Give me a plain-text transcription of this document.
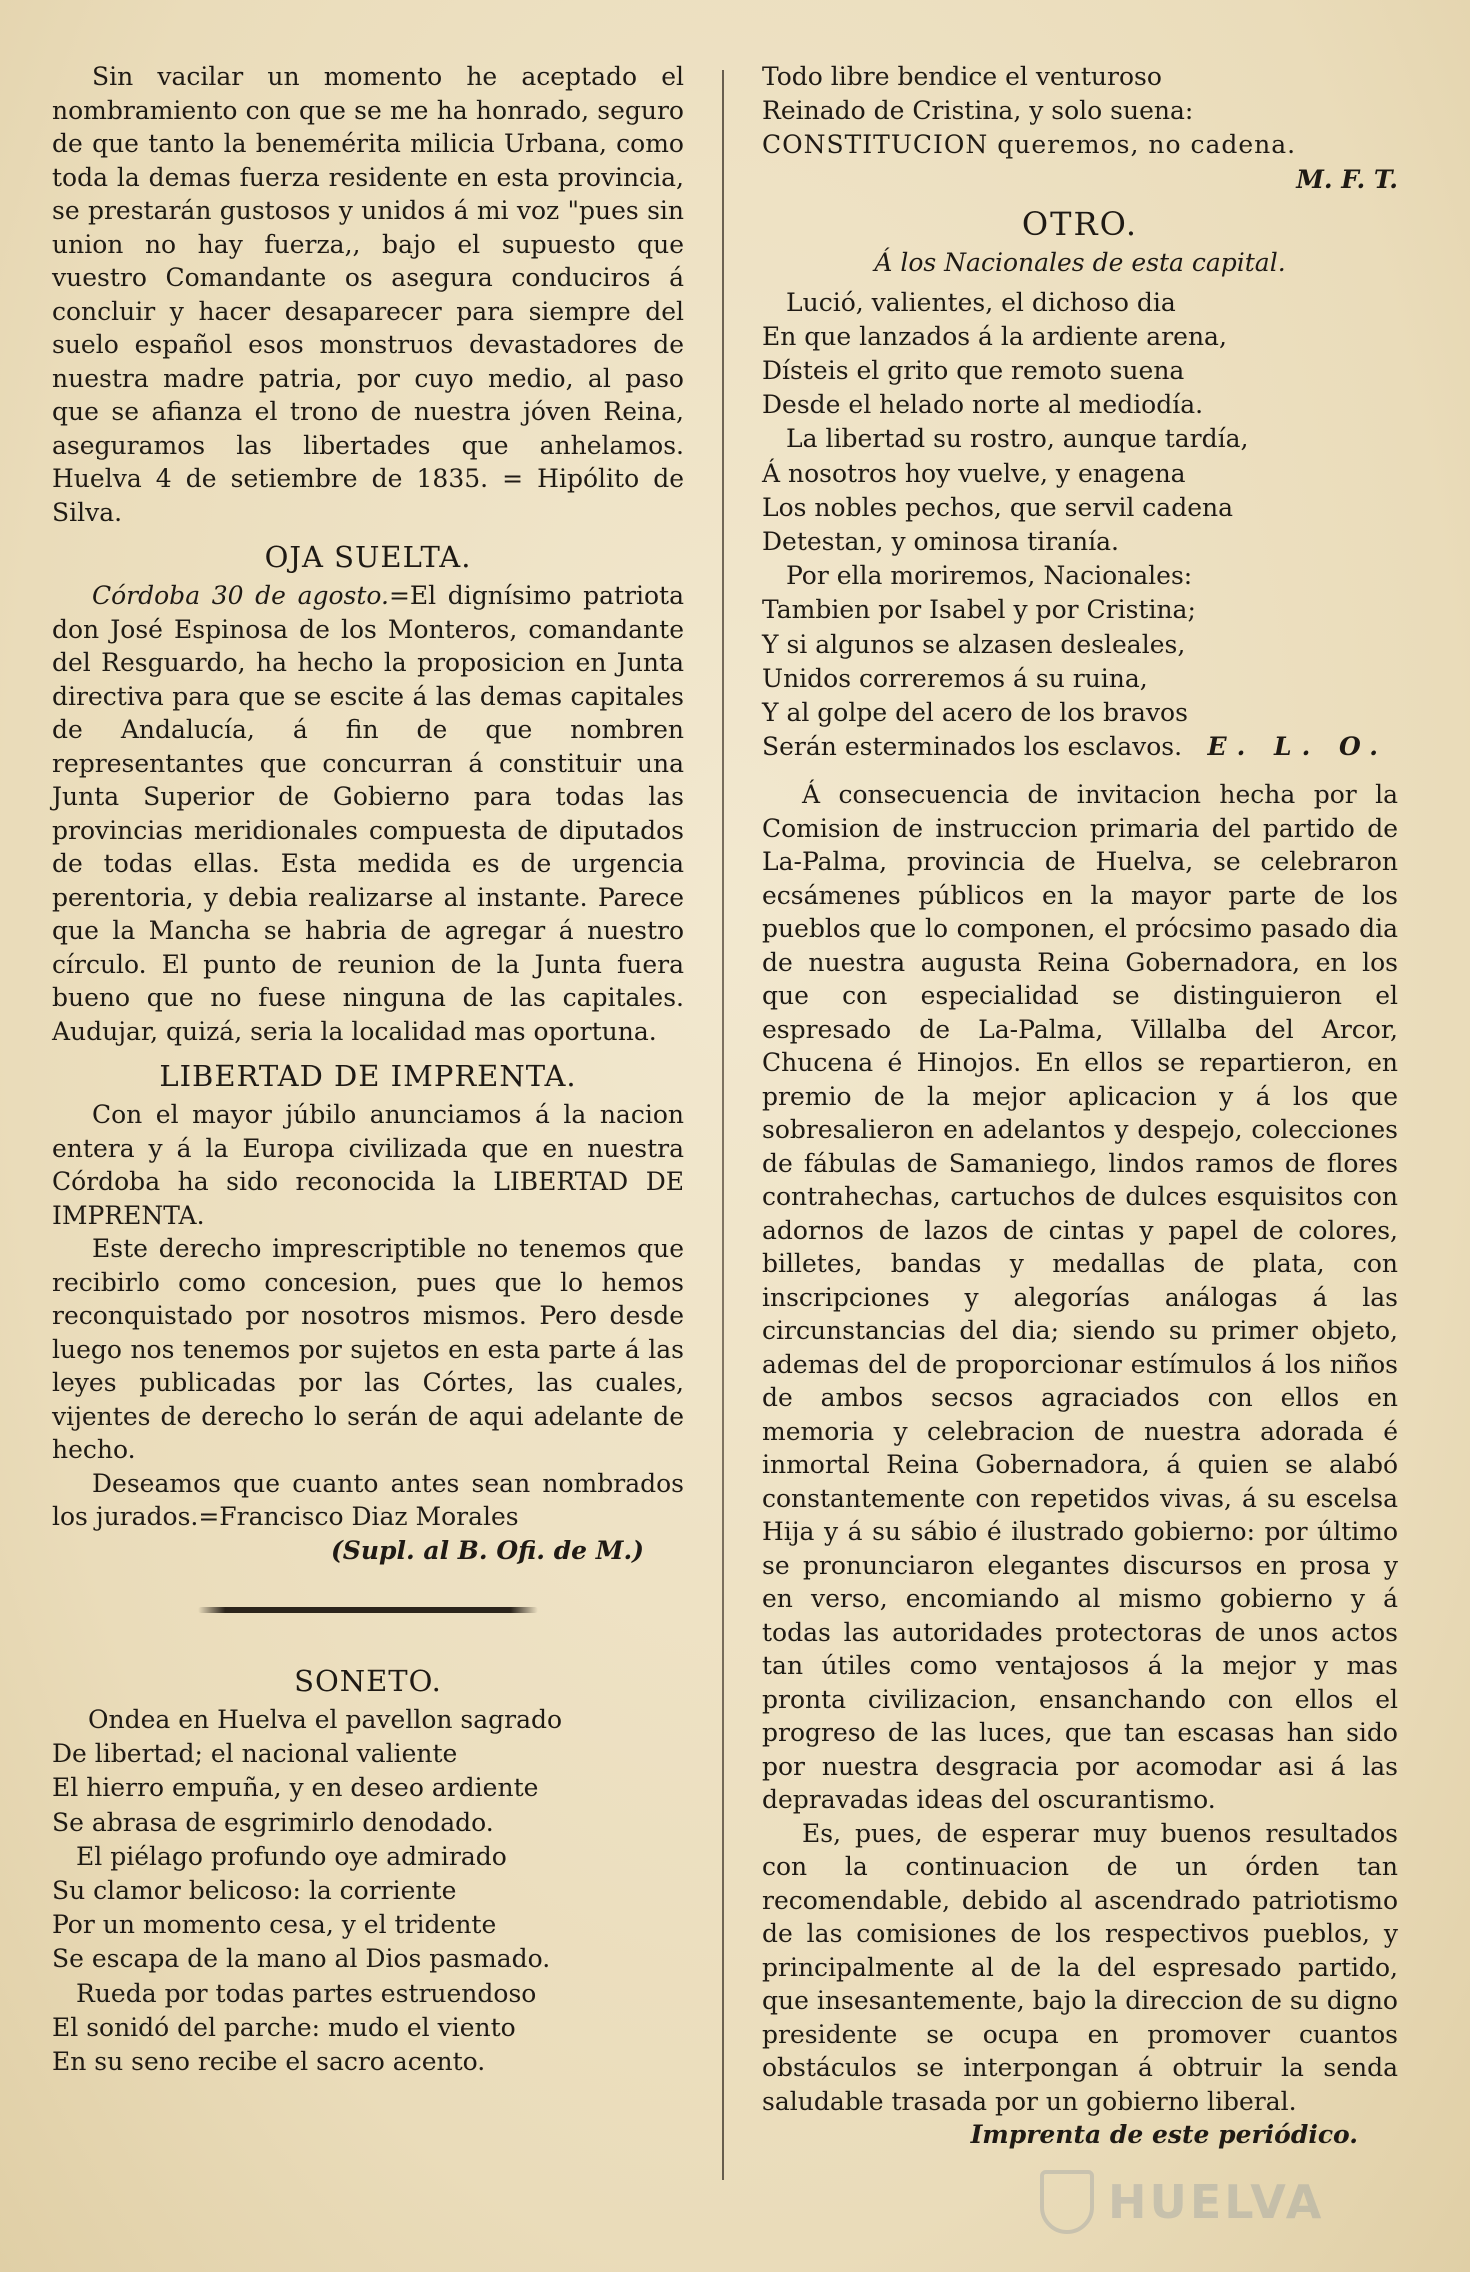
Sin vacilar un momento he aceptado el nombramiento con que se me ha honrado, seguro de que tanto la benemérita milicia Urbana, como toda la demas fuerza residente en esta provincia, se prestarán gustosos y unidos á mi voz "pues sin union no hay fuerza,, bajo el supuesto que vuestro Comandante os asegura conduciros á concluir y hacer desaparecer para siempre del suelo español esos monstruos devastadores de nuestra madre patria, por cuyo medio, al paso que se afianza el trono de nuestra jóven Reina, aseguramos las libertades que anhelamos. Huelva 4 de setiembre de 1835. = Hipólito de Silva.

OJA SUELTA.

Córdoba 30 de agosto.=El dignísimo patriota don José Espinosa de los Monteros, comandante del Resguardo, ha hecho la proposicion en Junta directiva para que se escite á las demas capitales de Andalucía, á fin de que nombren representantes que concurran á constituir una Junta Superior de Gobierno para todas las provincias meridionales compuesta de diputados de todas ellas. Esta medida es de urgencia perentoria, y debia realizarse al instante. Parece que la Mancha se habria de agregar á nuestro círculo. El punto de reunion de la Junta fuera bueno que no fuese ninguna de las capitales. Audujar, quizá, seria la localidad mas oportuna.

LIBERTAD DE IMPRENTA.

Con el mayor júbilo anunciamos á la nacion entera y á la Europa civilizada que en nuestra Córdoba ha sido reconocida la LIBERTAD DE IMPRENTA.

Este derecho imprescriptible no tenemos que recibirlo como concesion, pues que lo hemos reconquistado por nosotros mismos. Pero desde luego nos tenemos por sujetos en esta parte á las leyes publicadas por las Córtes, las cuales, vijentes de derecho lo serán de aqui adelante de hecho.

Deseamos que cuanto antes sean nombrados los jurados.=Francisco Diaz Morales

(Supl. al B. Ofi. de M.)

SONETO.
Ondea en Huelva el pavellon sagrado
De libertad; el nacional valiente
El hierro empuña, y en deseo ardiente
Se abrasa de esgrimirlo denodado.
El piélago profundo oye admirado
Su clamor belicoso: la corriente
Por un momento cesa, y el tridente
Se escapa de la mano al Dios pasmado.
Rueda por todas partes estruendoso
El sonidó del parche: mudo el viento
En su seno recibe el sacro acento.
Todo libre bendice el venturoso
Reinado de Cristina, y solo suena:
CONSTITUCION queremos, no cadena.

M. F. T.

OTRO.
Á los Nacionales de esta capital.
Lució, valientes, el dichoso dia
En que lanzados á la ardiente arena,
Dísteis el grito que remoto suena
Desde el helado norte al mediodía.
La libertad su rostro, aunque tardía,
Á nosotros hoy vuelve, y enagena
Los nobles pechos, que servil cadena
Detestan, y ominosa tiranía.
Por ella moriremos, Nacionales:
Tambien por Isabel y por Cristina;
Y si algunos se alzasen desleales,
Unidos correremos á su ruina,
Y al golpe del acero de los bravos
Serán esterminados los esclavos. E. L. O.

Á consecuencia de invitacion hecha por la Comision de instruccion primaria del partido de La-Palma, provincia de Huelva, se celebraron ecsámenes públicos en la mayor parte de los pueblos que lo componen, el prócsimo pasado dia de nuestra augusta Reina Gobernadora, en los que con especialidad se distinguieron el espresado de La-Palma, Villalba del Arcor, Chucena é Hinojos. En ellos se repartieron, en premio de la mejor aplicacion y á los que sobresalieron en adelantos y despejo, colecciones de fábulas de Samaniego, lindos ramos de flores contrahechas, cartuchos de dulces esquisitos con adornos de lazos de cintas y papel de colores, billetes, bandas y medallas de plata, con inscripciones y alegorías análogas á las circunstancias del dia; siendo su primer objeto, ademas del de proporcionar estímulos á los niños de ambos secsos agraciados con ellos en memoria y celebracion de nuestra adorada é inmortal Reina Gobernadora, á quien se alabó constantemente con repetidos vivas, á su escelsa Hija y á su sábio é ilustrado gobierno: por último se pronunciaron elegantes discursos en prosa y en verso, encomiando al mismo gobierno y á todas las autoridades protectoras de unos actos tan útiles como ventajosos á la mejor y mas pronta civilizacion, ensanchando con ellos el progreso de las luces, que tan escasas han sido por nuestra desgracia por acomodar asi á las depravadas ideas del oscurantismo.

Es, pues, de esperar muy buenos resultados con la continuacion de un órden tan recomendable, debido al ascendrado patriotismo de las comisiones de los respectivos pueblos, y principalmente al de la del espresado partido, que insesantemente, bajo la direccion de su digno presidente se ocupa en promover cuantos obstáculos se interpongan á obtruir la senda saludable trasada por un gobierno liberal.

Imprenta de este periódico.

HUELVA
